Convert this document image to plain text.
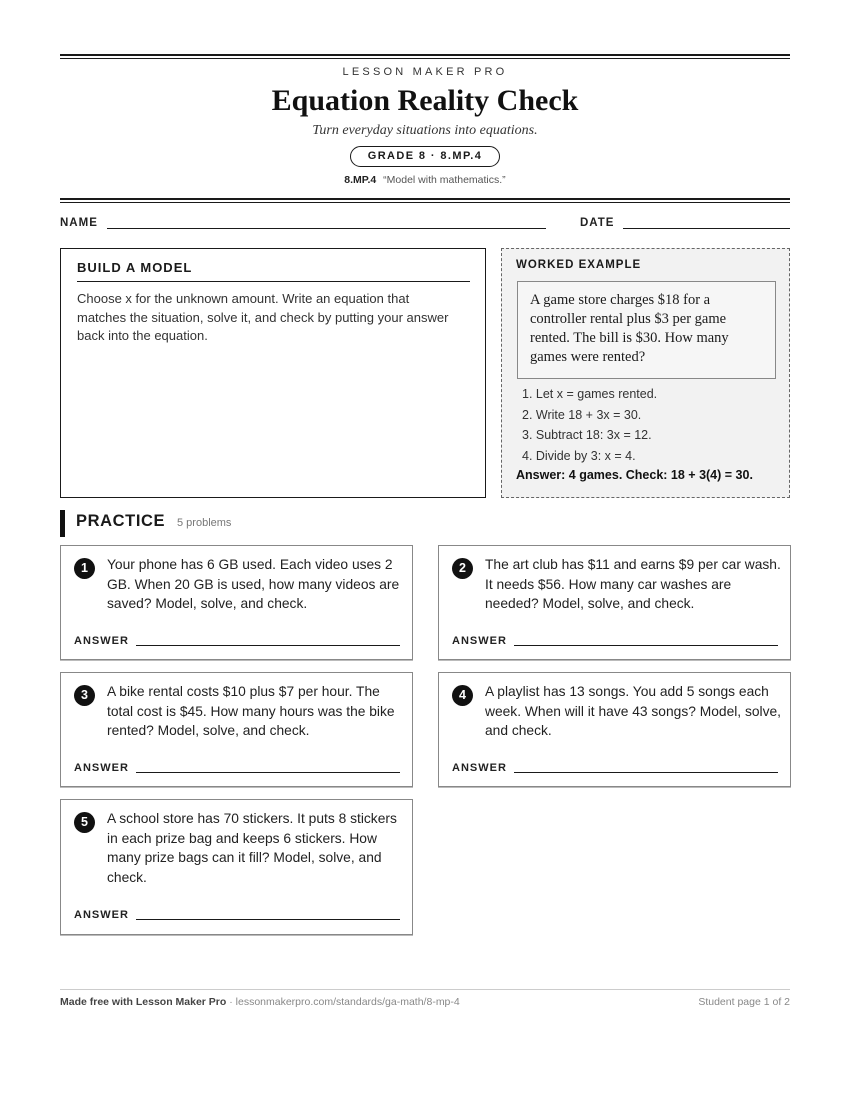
LESSON MAKER PRO
Equation Reality Check
Turn everyday situations into equations.
GRADE 8 · 8.MP.4
8.MP.4 “Model with mathematics.”
NAME	DATE
BUILD A MODEL

Choose x for the unknown amount. Write an equation that matches the situation, solve it, and check by putting your answer back into the equation.

WORKED EXAMPLE
A game store charges $18 for a controller rental plus $3 per game rented. The bill is $30. How many games were rented?
1. Let x = games rented.
2. Write 18 + 3x = 30.
3. Subtract 18: 3x = 12.
4. Divide by 3: x = 4.
Answer: 4 games. Check: 18 + 3(4) = 30.
PRACTICE 5 problems
1	Your phone has 6 GB used. Each video uses 2 GB. When 20 GB is used, how many videos are saved? Model, solve, and check.

ANSWER
2	The art club has $11 and earns $9 per car wash. It needs $56. How many car washes are needed? Model, solve, and check.

ANSWER
3	A bike rental costs $10 plus $7 per hour. The total cost is $45. How many hours was the bike rented? Model, solve, and check.

ANSWER
4	A playlist has 13 songs. You add 5 songs each week. When will it have 43 songs? Model, solve, and check.

ANSWER
5	A school store has 70 stickers. It puts 8 stickers in each prize bag and keeps 6 stickers. How many prize bags can it fill? Model, solve, and check.

ANSWER
Made free with Lesson Maker Pro · lessonmakerpro.com/standards/ga-math/8-mp-4	Student page 1 of 2
